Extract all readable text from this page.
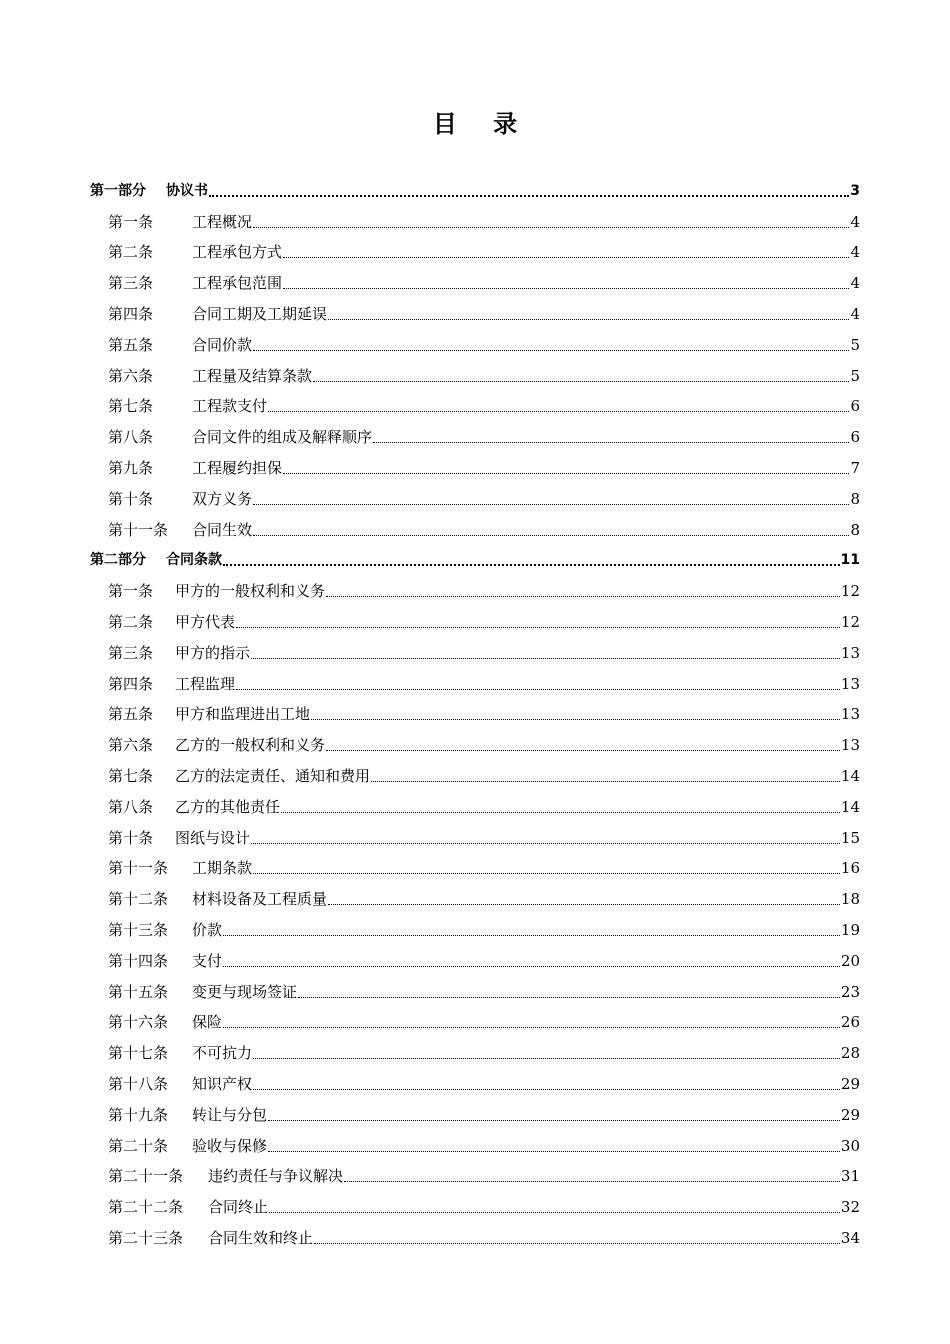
目 录
第一部分	协议书	3
第一条	工程概况	4
第二条	工程承包方式	4
第三条	工程承包范围	4
第四条	合同工期及工期延误	4
第五条	合同价款	5
第六条	工程量及结算条款	5
第七条	工程款支付	6
第八条	合同文件的组成及解释顺序	6
第九条	工程履约担保	7
第十条	双方义务	8
第十一条	合同生效	8
第二部分	合同条款	11
第一条	甲方的一般权利和义务	12
第二条	甲方代表	12
第三条	甲方的指示	13
第四条	工程监理	13
第五条	甲方和监理进出工地	13
第六条	乙方的一般权利和义务	13
第七条	乙方的法定责任、通知和费用	14
第八条	乙方的其他责任	14
第十条	图纸与设计	15
第十一条	工期条款	16
第十二条	材料设备及工程质量	18
第十三条	价款	19
第十四条	支付	20
第十五条	变更与现场签证	23
第十六条	保险	26
第十七条	不可抗力	28
第十八条	知识产权	29
第十九条	转让与分包	29
第二十条	验收与保修	30
第二十一条	违约责任与争议解决	31
第二十二条	合同终止	32
第二十三条	合同生效和终止	34
